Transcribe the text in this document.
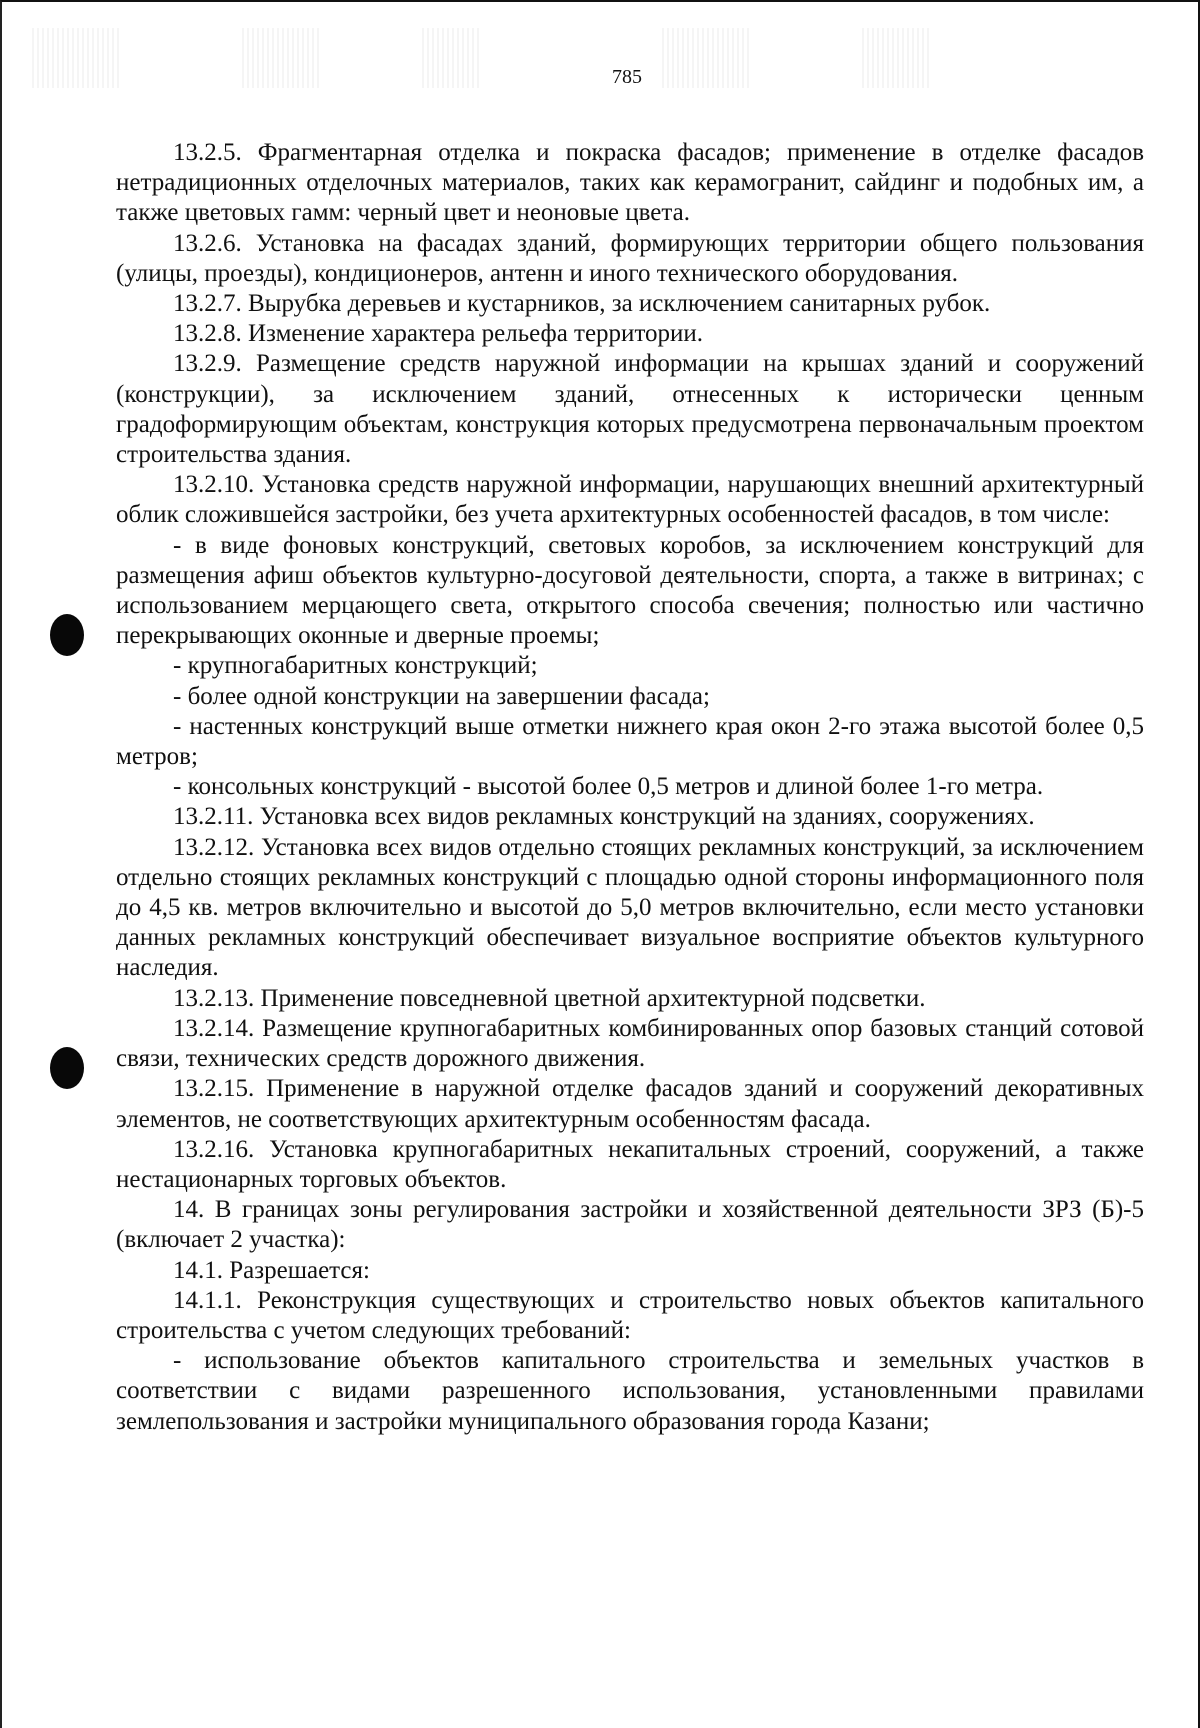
785

13.2.5. Фрагментарная отделка и покраска фасадов; применение в отделке фасадов нетрадиционных отделочных материалов, таких как керамогранит, сайдинг и подобных им, а также цветовых гамм: черный цвет и неоновые цвета.

13.2.6. Установка на фасадах зданий, формирующих территории общего пользования (улицы, проезды), кондиционеров, антенн и иного технического оборудования.

13.2.7. Вырубка деревьев и кустарников, за исключением санитарных рубок.

13.2.8. Изменение характера рельефа территории.

13.2.9. Размещение средств наружной информации на крышах зданий и сооружений (конструкции), за исключением зданий, отнесенных к исторически ценным градоформирующим объектам, конструкция которых предусмотрена первоначальным проектом строительства здания.

13.2.10. Установка средств наружной информации, нарушающих внешний архитектурный облик сложившейся застройки, без учета архитектурных особенностей фасадов, в том числе:

- в виде фоновых конструкций, световых коробов, за исключением конструкций для размещения афиш объектов культурно-досуговой деятельности, спорта, а также в витринах; с использованием мерцающего света, открытого способа свечения; полностью или частично перекрывающих оконные и дверные проемы;

- крупногабаритных конструкций;

- более одной конструкции на завершении фасада;

- настенных конструкций выше отметки нижнего края окон 2-го этажа высотой более 0,5 метров;

- консольных конструкций - высотой более 0,5 метров и длиной более 1-го метра.

13.2.11. Установка всех видов рекламных конструкций на зданиях, сооружениях.

13.2.12. Установка всех видов отдельно стоящих рекламных конструкций, за исключением отдельно стоящих рекламных конструкций с площадью одной стороны информационного поля до 4,5 кв. метров включительно и высотой до 5,0 метров включительно, если место установки данных рекламных конструкций обеспечивает визуальное восприятие объектов культурного наследия.

13.2.13. Применение повседневной цветной архитектурной подсветки.

13.2.14. Размещение крупногабаритных комбинированных опор базовых станций сотовой связи, технических средств дорожного движения.

13.2.15. Применение в наружной отделке фасадов зданий и сооружений декоративных элементов, не соответствующих архитектурным особенностям фасада.

13.2.16. Установка крупногабаритных некапитальных строений, сооружений, а также нестационарных торговых объектов.

14. В границах зоны регулирования застройки и хозяйственной деятельности ЗРЗ (Б)-5 (включает 2 участка):

14.1. Разрешается:

14.1.1. Реконструкция существующих и строительство новых объектов капитального строительства с учетом следующих требований:

- использование объектов капитального строительства и земельных участков в соответствии с видами разрешенного использования, установленными правилами землепользования и застройки муниципального образования города Казани;
